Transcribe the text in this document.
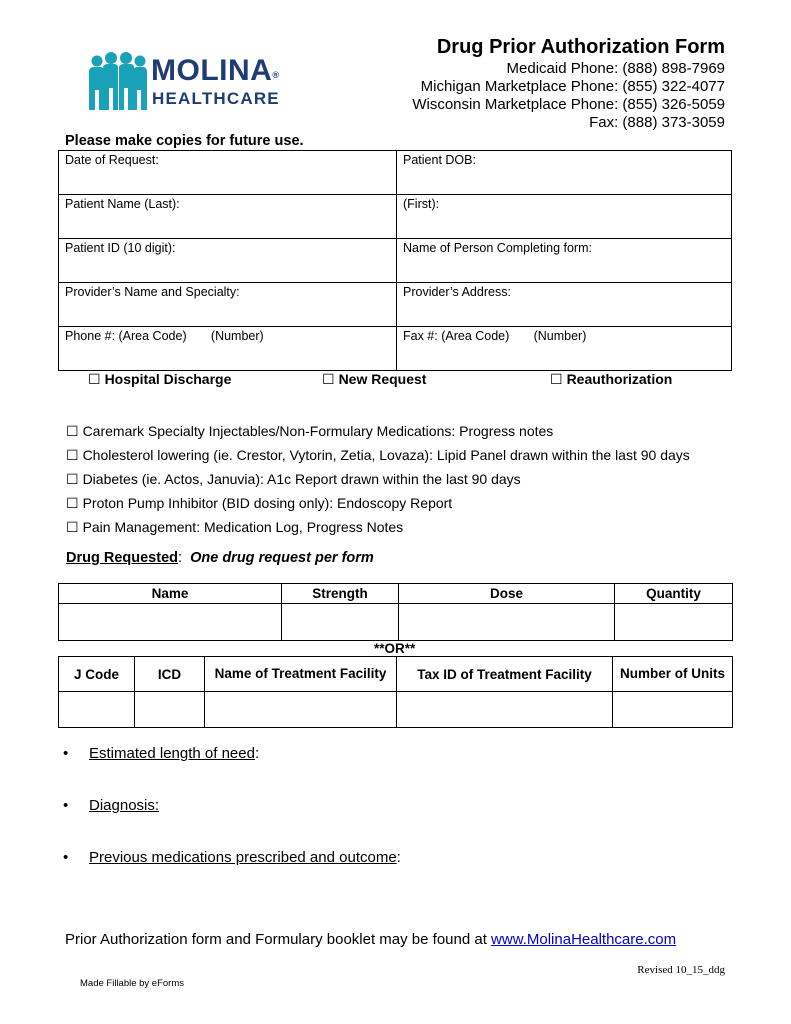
MOLINA®
HEALTHCARE
Drug Prior Authorization Form
Medicaid Phone: (888) 898-7969
Michigan Marketplace Phone: (855) 322-4077
Wisconsin Marketplace Phone: (855) 326-5059
Fax: (888) 373-3059
Please make copies for future use.
Date of Request:	Patient DOB:
Patient Name (Last):	(First):
Patient ID (10 digit):	Name of Person Completing form:
Provider’s Name and Specialty:	Provider’s Address:
Phone #: (Area Code)       (Number)	Fax #: (Area Code)       (Number)
☐ Hospital Discharge	☐ New Request	☐ Reauthorization
☐ Caremark Specialty Injectables/Non-Formulary Medications: Progress notes
☐ Cholesterol lowering (ie. Crestor, Vytorin, Zetia, Lovaza): Lipid Panel drawn within the last 90 days
☐ Diabetes (ie. Actos, Januvia): A1c Report drawn within the last 90 days
☐ Proton Pump Inhibitor (BID dosing only): Endoscopy Report
☐ Pain Management: Medication Log, Progress Notes
Drug Requested: One drug request per form
Name	Strength	Dose	Quantity

**OR**
J Code	ICD	Name of Treatment Facility	Tax ID of Treatment Facility	Number of Units

• Estimated length of need:
• Diagnosis:
• Previous medications prescribed and outcome:
Prior Authorization form and Formulary booklet may be found at www.MolinaHealthcare.com
Revised 10_15_ddg
Made Fillable by eForms
